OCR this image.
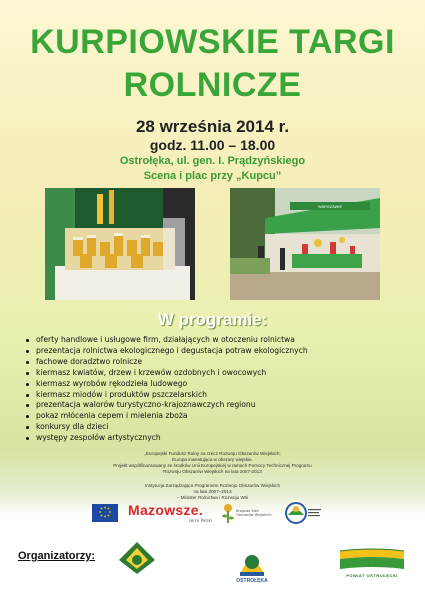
KURPIOWSKIE TARGI
ROLNICZE
28 września 2014 r.
godz. 11.00 – 18.00
Ostrołęka, ul. gen. I. Prądzyńskiego
Scena i plac przy „Kupcu”
WARSZAWIE
W programie:
oferty handlowe i usługowe firm, działających w otoczeniu rolnictwa
prezentacja rolnictwa ekologicznego i degustacja potraw ekologicznych
fachowe doradztwo rolnicze
kiermasz kwiatów, drzew i krzewów ozdobnych i owocowych
kiermasz wyrobów rękodzieła ludowego
kiermasz miodów i produktów pszczelarskich
prezentacja walorów turystyczno-krajoznawczych regionu
pokaz młócenia cepem i mielenia zboża
konkursy dla dzieci
występy zespołów artystycznych
„Europejski Fundusz Rolny na rzecz Rozwoju Obszarów Wiejskich;
Europa inwestująca w obszary wiejskie.
Projekt współfinansowany ze środków Unii Europejskiej w ramach Pomocy Technicznej Programu
Rozwoju Obszarów Wiejskich na lata 2007-2013
Instytucja Zarządzająca Programem Rozwoju Obszarów Wiejskich
na lata 2007–2013
– Minister Rolnictwa i Rozwoju Wsi
Mazowsze.
serce Polski
Krajowa Sieć Obszarów Wiejskich
Organizatorzy:
OSTROŁĘKA
POWIAT OSTROŁĘCKI
